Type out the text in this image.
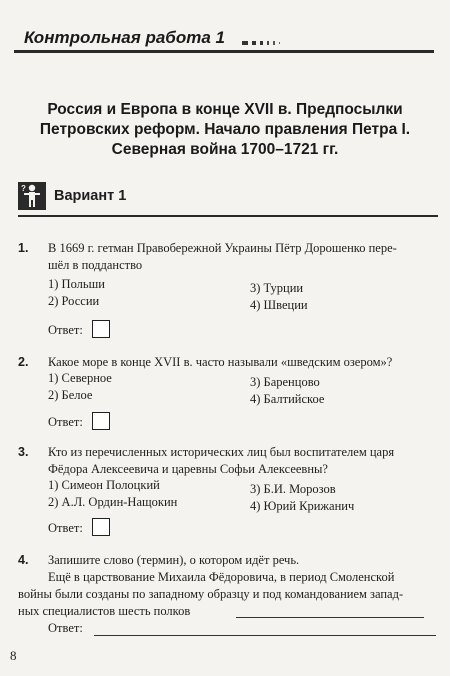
Контрольная работа 1
Россия и Европа в конце XVII в. Предпосылки
Петровских реформ. Начало правления Петра I.
Северная война 1700–1721 гг.
? Вариант 1
1. В 1669 г. гетман Правобережной Украины Пётр Дорошенко пере-
шёл в подданство
1) Польши
2) России
3) Турции
4) Швеции
Ответ:
2. Какое море в конце XVII в. часто называли «шведским озером»?
1) Северное
2) Белое
3) Баренцово
4) Балтийское
Ответ:
3. Кто из перечисленных исторических лиц был воспитателем царя
Фёдора Алексеевича и царевны Софьи Алексеевны?
1) Симеон Полоцкий
2) А.Л. Ордин-Нащокин
3) Б.И. Морозов
4) Юрий Крижанич
Ответ:
4. Запишите слово (термин), о котором идёт речь.
Ещё в царствование Михаила Фёдоровича, в период Смоленской
войны были созданы по западному образцу и под командованием запад-
ных специалистов шесть полков
Ответ:
8
